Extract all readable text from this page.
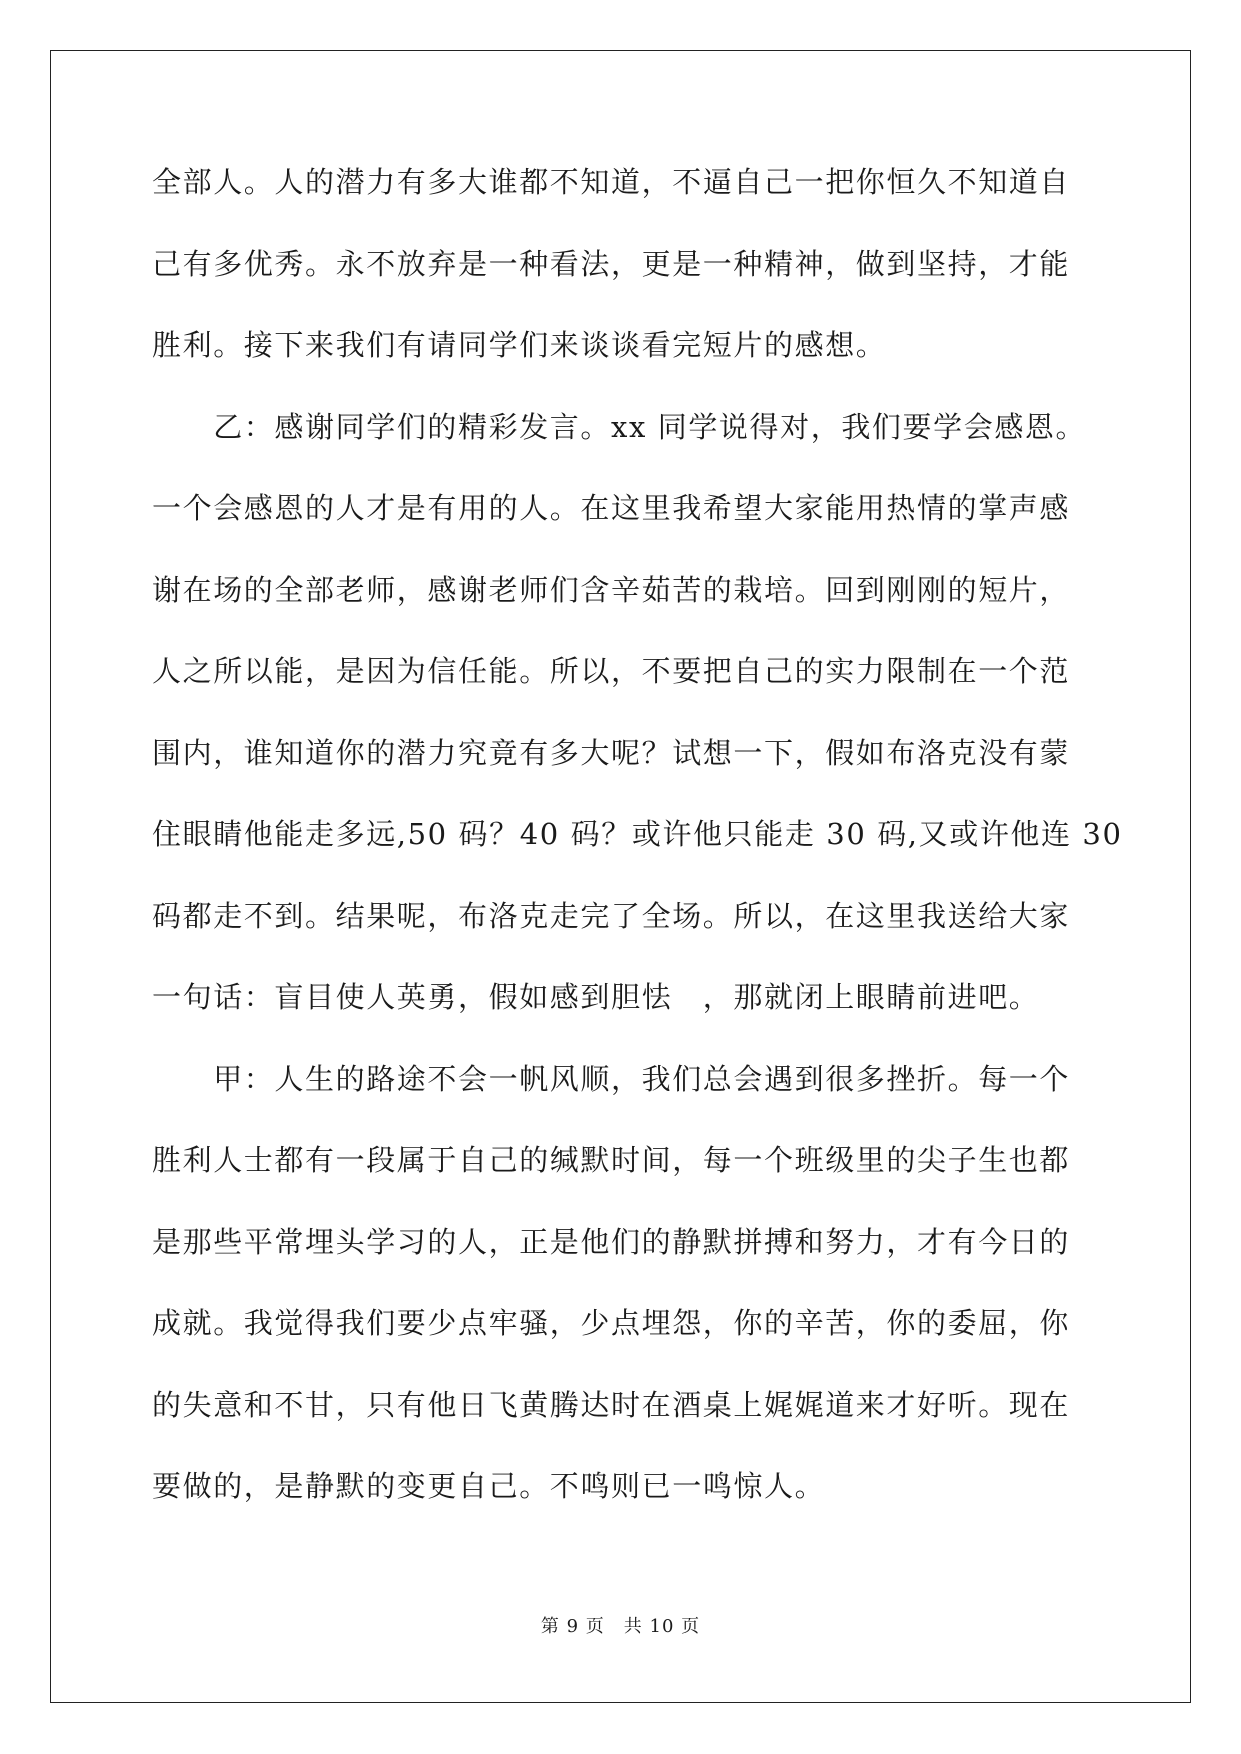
全部人。人的潜力有多大谁都不知道，不逼自己一把你恒久不知道自
己有多优秀。永不放弃是一种看法，更是一种精神，做到坚持，才能
胜利。接下来我们有请同学们来谈谈看完短片的感想。
　　乙：感谢同学们的精彩发言。xx 同学说得对，我们要学会感恩。
一个会感恩的人才是有用的人。在这里我希望大家能用热情的掌声感
谢在场的全部老师，感谢老师们含辛茹苦的栽培。回到刚刚的短片，
人之所以能，是因为信任能。所以，不要把自己的实力限制在一个范
围内，谁知道你的潜力究竟有多大呢？试想一下，假如布洛克没有蒙
住眼睛他能走多远,50 码？40 码？或许他只能走 30 码,又或许他连 30
码都走不到。结果呢，布洛克走完了全场。所以，在这里我送给大家
一句话：盲目使人英勇，假如感到胆怯　，那就闭上眼睛前进吧。
　　甲：人生的路途不会一帆风顺，我们总会遇到很多挫折。每一个
胜利人士都有一段属于自己的缄默时间，每一个班级里的尖子生也都
是那些平常埋头学习的人，正是他们的静默拼搏和努力，才有今日的
成就。我觉得我们要少点牢骚，少点埋怨，你的辛苦，你的委屈，你
的失意和不甘，只有他日飞黄腾达时在酒桌上娓娓道来才好听。现在
要做的，是静默的变更自己。不鸣则已一鸣惊人。
第 9 页　共 10 页
